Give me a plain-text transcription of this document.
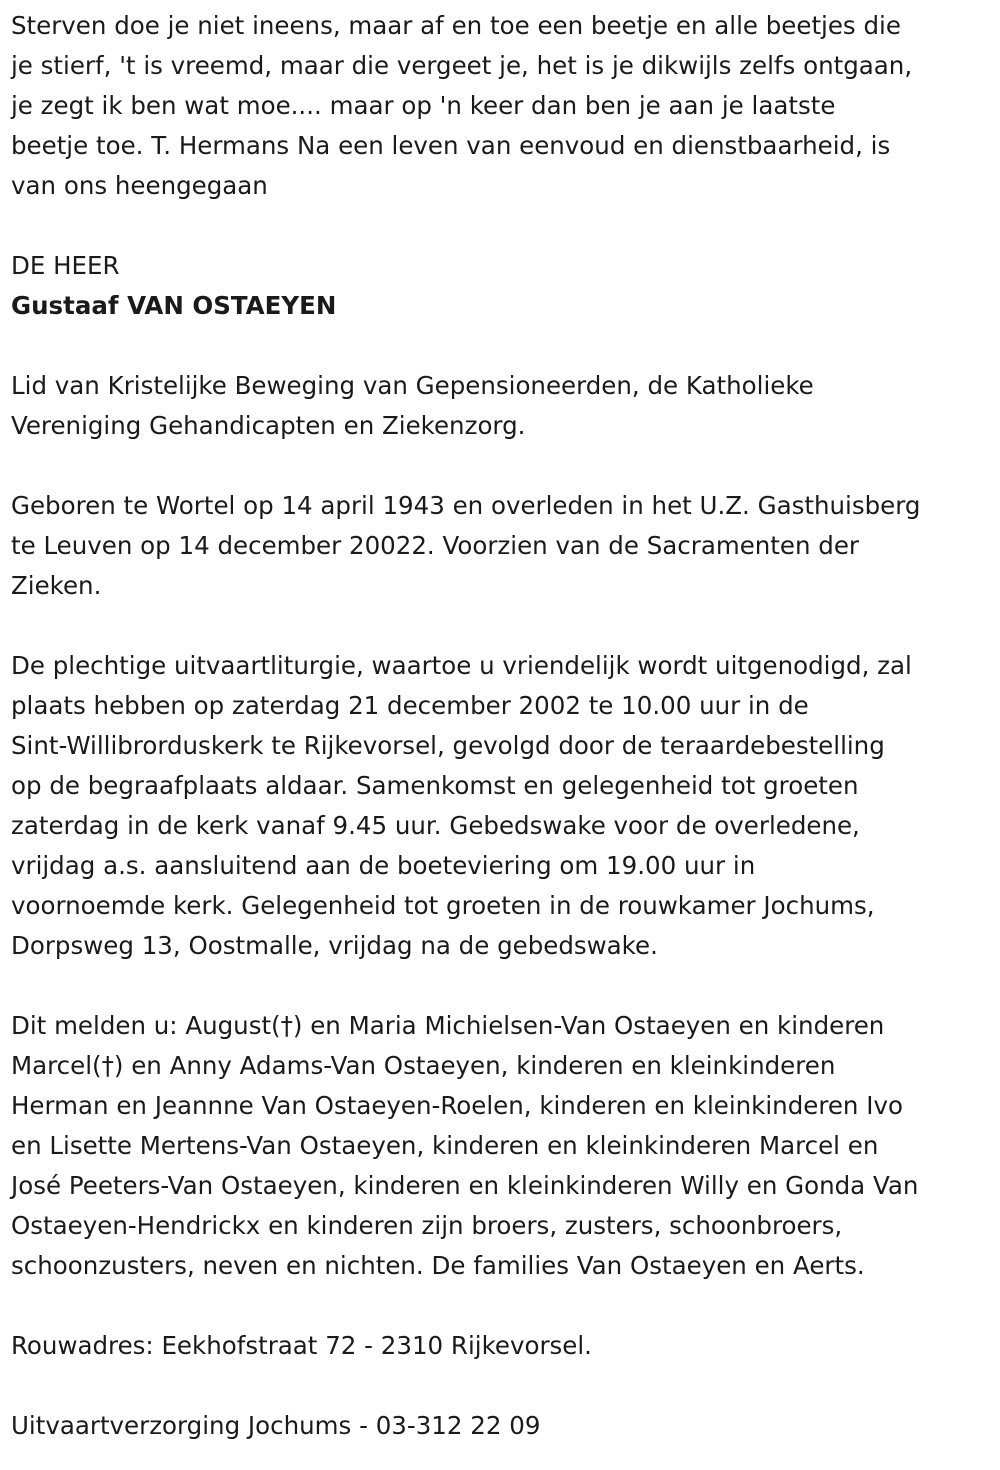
Sterven doe je niet ineens, maar af en toe een beetje en alle beetjes die
je stierf, 't is vreemd, maar die vergeet je, het is je dikwijls zelfs ontgaan,
je zegt ik ben wat moe.... maar op 'n keer dan ben je aan je laatste
beetje toe. T. Hermans Na een leven van eenvoud en dienstbaarheid, is
van ons heengegaan

DE HEER

Gustaaf VAN OSTAEYEN

Lid van Kristelijke Beweging van Gepensioneerden, de Katholieke
Vereniging Gehandicapten en Ziekenzorg.

Geboren te Wortel op 14 april 1943 en overleden in het U.Z. Gasthuisberg
te Leuven op 14 december 20022. Voorzien van de Sacramenten der
Zieken.

De plechtige uitvaartliturgie, waartoe u vriendelijk wordt uitgenodigd, zal
plaats hebben op zaterdag 21 december 2002 te 10.00 uur in de
Sint-Willibrorduskerk te Rijkevorsel, gevolgd door de teraardebestelling
op de begraafplaats aldaar. Samenkomst en gelegenheid tot groeten
zaterdag in de kerk vanaf 9.45 uur. Gebedswake voor de overledene,
vrijdag a.s. aansluitend aan de boeteviering om 19.00 uur in
voornoemde kerk. Gelegenheid tot groeten in de rouwkamer Jochums,
Dorpsweg 13, Oostmalle, vrijdag na de gebedswake.

Dit melden u: August(†) en Maria Michielsen-Van Ostaeyen en kinderen
Marcel(†) en Anny Adams-Van Ostaeyen, kinderen en kleinkinderen
Herman en Jeannne Van Ostaeyen-Roelen, kinderen en kleinkinderen Ivo
en Lisette Mertens-Van Ostaeyen, kinderen en kleinkinderen Marcel en
José Peeters-Van Ostaeyen, kinderen en kleinkinderen Willy en Gonda Van
Ostaeyen-Hendrickx en kinderen zijn broers, zusters, schoonbroers,
schoonzusters, neven en nichten. De families Van Ostaeyen en Aerts.

Rouwadres: Eekhofstraat 72 - 2310 Rijkevorsel.

Uitvaartverzorging Jochums - 03-312 22 09
